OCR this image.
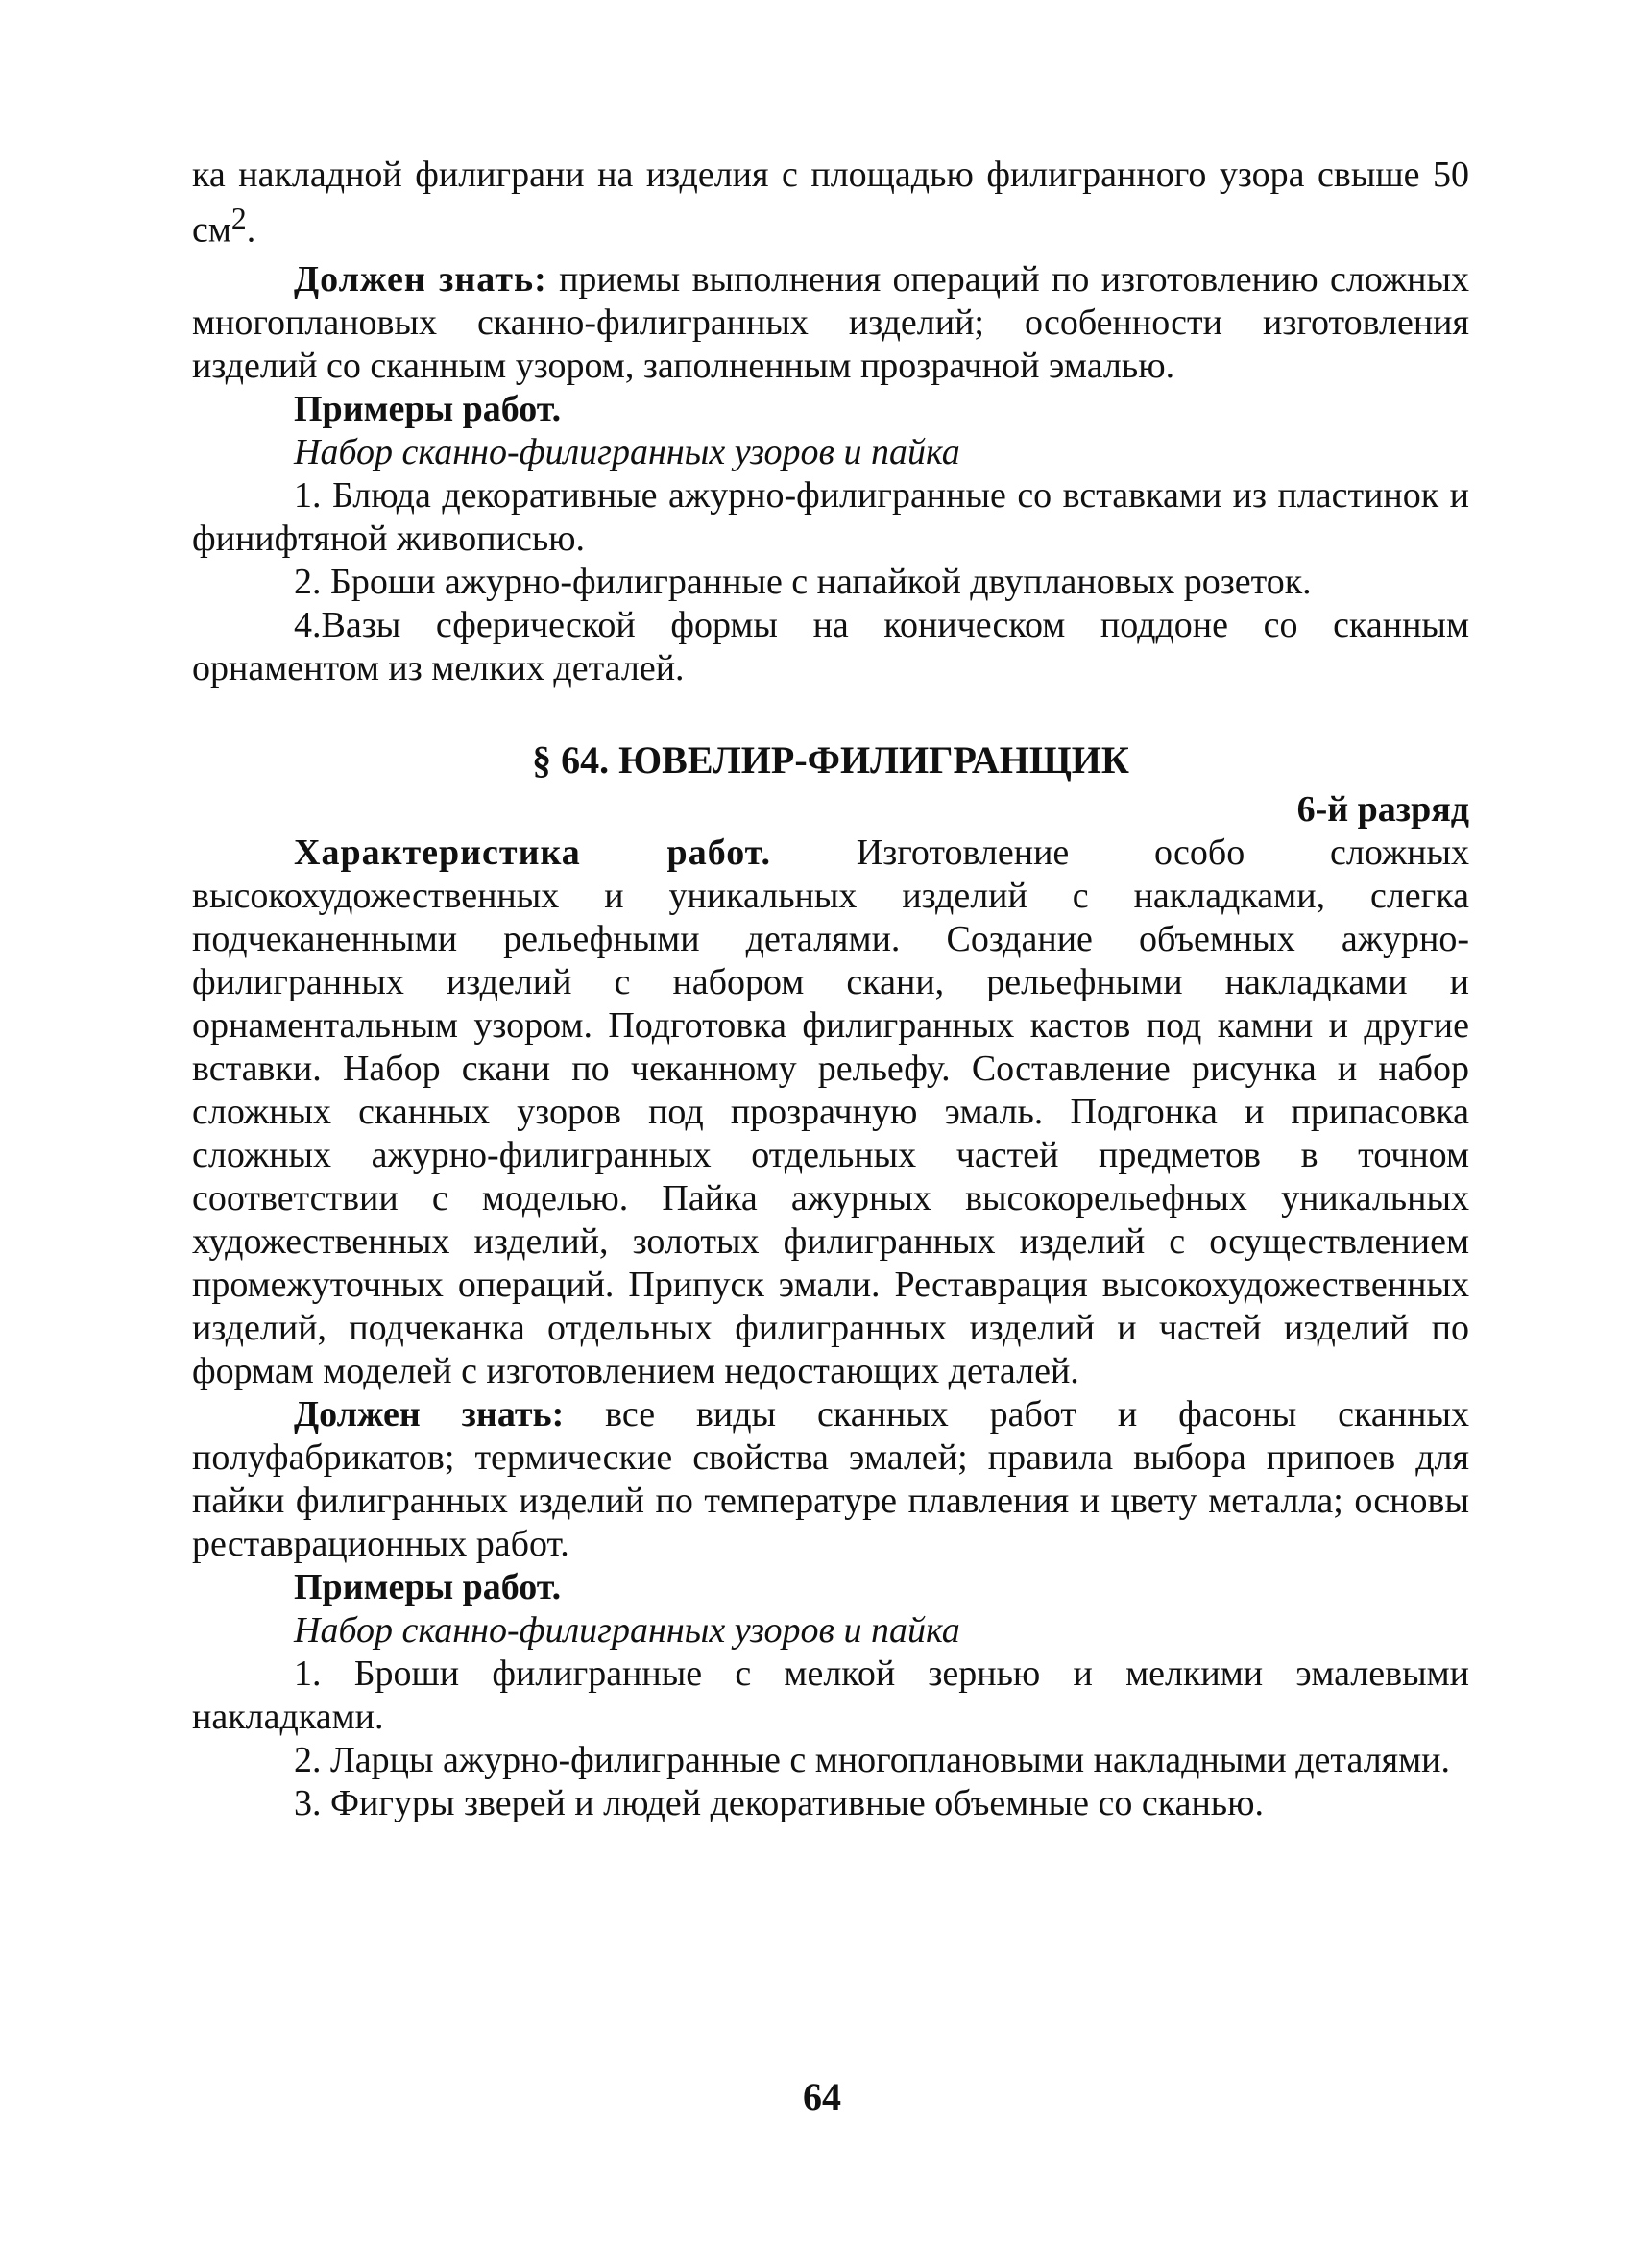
ка накладной филиграни на изделия с площадью филигранного узора свыше 50 $см^2$.

Должен знать: приемы выполнения операций по изготовлению сложных многоплановых сканно-филигранных изделий; особенности изготовления изделий со сканным узором, заполненным прозрачной эмалью.

Примеры работ.

Набор сканно-филигранных узоров и пайка

1. Блюда декоративные ажурно-филигранные со вставками из пластинок и финифтяной живописью.

2. Броши ажурно-филигранные с напайкой двуплановых розеток.

4.Вазы сферической формы на коническом поддоне со сканным орнаментом из мелких деталей.

§ 64. ЮВЕЛИР-ФИЛИГРАНЩИК
6-й разряд

Характеристика работ. Изготовление особо сложных высокохудожественных и уникальных изделий с накладками, слегка подчеканенными рельефными деталями. Создание объемных ажурно-филигранных изделий с набором скани, рельефными накладками и орнаментальным узором. Подготовка филигранных кастов под камни и другие вставки. Набор скани по чеканному рельефу. Составление рисунка и набор сложных сканных узоров под прозрачную эмаль. Подгонка и припасовка сложных ажурно-филигранных отдельных частей предметов в точном соответствии с моделью. Пайка ажурных высокорельефных уникальных художественных изделий, золотых филигранных изделий с осуществлением промежуточных операций. Припуск эмали. Реставрация высокохудожественных изделий, подчеканка отдельных филигранных изделий и частей изделий по формам моделей с изготовлением недостающих деталей.

Должен знать: все виды сканных работ и фасоны сканных полуфабрикатов; термические свойства эмалей; правила выбора припоев для пайки филигранных изделий по температуре плавления и цвету металла; основы реставрационных работ.

Примеры работ.

Набор сканно-филигранных узоров и пайка

1. Броши филигранные с мелкой зернью и мелкими эмалевыми накладками.

2. Ларцы ажурно-филигранные с многоплановыми накладными деталями.

3. Фигуры зверей и людей декоративные объемные со сканью.

64
